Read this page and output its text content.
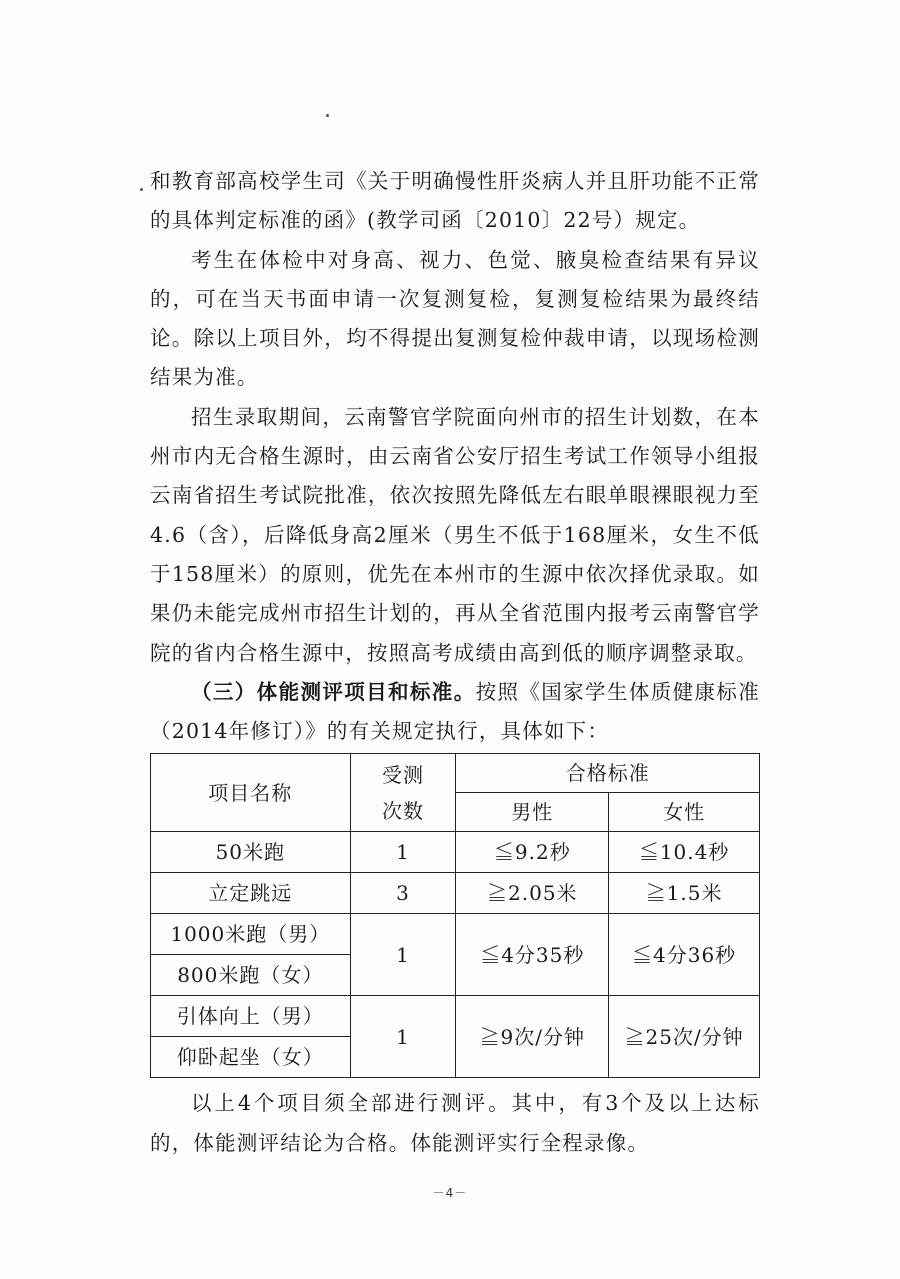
和教育部高校学生司《关于明确慢性肝炎病人并且肝功能不正常的具体判定标准的函》(教学司函〔2010〕22号）规定。

考生在体检中对身高、视力、色觉、腋臭检查结果有异议的，可在当天书面申请一次复测复检，复测复检结果为最终结论。除以上项目外，均不得提出复测复检仲裁申请，以现场检测结果为准。

招生录取期间，云南警官学院面向州市的招生计划数，在本州市内无合格生源时，由云南省公安厅招生考试工作领导小组报云南省招生考试院批准，依次按照先降低左右眼单眼裸眼视力至4.6（含），后降低身高2厘米（男生不低于168厘米，女生不低于158厘米）的原则，优先在本州市的生源中依次择优录取。如果仍未能完成州市招生计划的，再从全省范围内报考云南警官学院的省内合格生源中，按照高考成绩由高到低的顺序调整录取。

（三）体能测评项目和标准。按照《国家学生体质健康标准（2014年修订）》的有关规定执行，具体如下：

项目名称	受测次数	合格标准	
		男性	女性
50米跑	1	≦9.2秒	≦10.4秒
立定跳远	3	≧2.05米	≧1.5米
1000米跑（男）	1	≦4分35秒	≦4分36秒
800米跑（女）			
引体向上（男）	1	≧9次/分钟	≧25次/分钟
仰卧起坐（女）			

以上4个项目须全部进行测评。其中，有3个及以上达标的，体能测评结论为合格。体能测评实行全程录像。

－4－
